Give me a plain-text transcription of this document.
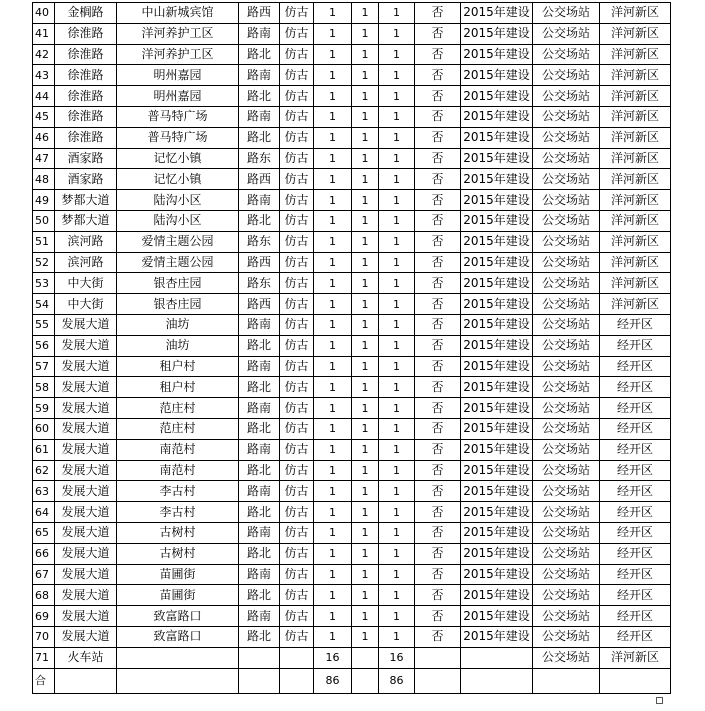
40	金榈路	中山新城宾馆	路西	仿古	1	1	1	否	2015年建设	公交场站	洋河新区
41	徐淮路	洋河养护工区	路南	仿古	1	1	1	否	2015年建设	公交场站	洋河新区
42	徐淮路	洋河养护工区	路北	仿古	1	1	1	否	2015年建设	公交场站	洋河新区
43	徐淮路	明州嘉园	路南	仿古	1	1	1	否	2015年建设	公交场站	洋河新区
44	徐淮路	明州嘉园	路北	仿古	1	1	1	否	2015年建设	公交场站	洋河新区
45	徐淮路	普马特广场	路南	仿古	1	1	1	否	2015年建设	公交场站	洋河新区
46	徐淮路	普马特广场	路北	仿古	1	1	1	否	2015年建设	公交场站	洋河新区
47	酒家路	记忆小镇	路东	仿古	1	1	1	否	2015年建设	公交场站	洋河新区
48	酒家路	记忆小镇	路西	仿古	1	1	1	否	2015年建设	公交场站	洋河新区
49	梦都大道	陆沟小区	路南	仿古	1	1	1	否	2015年建设	公交场站	洋河新区
50	梦都大道	陆沟小区	路北	仿古	1	1	1	否	2015年建设	公交场站	洋河新区
51	滨河路	爱情主题公园	路东	仿古	1	1	1	否	2015年建设	公交场站	洋河新区
52	滨河路	爱情主题公园	路西	仿古	1	1	1	否	2015年建设	公交场站	洋河新区
53	中大街	银杏庄园	路东	仿古	1	1	1	否	2015年建设	公交场站	洋河新区
54	中大街	银杏庄园	路西	仿古	1	1	1	否	2015年建设	公交场站	洋河新区
55	发展大道	油坊	路南	仿古	1	1	1	否	2015年建设	公交场站	经开区
56	发展大道	油坊	路北	仿古	1	1	1	否	2015年建设	公交场站	经开区
57	发展大道	租户村	路南	仿古	1	1	1	否	2015年建设	公交场站	经开区
58	发展大道	租户村	路北	仿古	1	1	1	否	2015年建设	公交场站	经开区
59	发展大道	范庄村	路南	仿古	1	1	1	否	2015年建设	公交场站	经开区
60	发展大道	范庄村	路北	仿古	1	1	1	否	2015年建设	公交场站	经开区
61	发展大道	南范村	路南	仿古	1	1	1	否	2015年建设	公交场站	经开区
62	发展大道	南范村	路北	仿古	1	1	1	否	2015年建设	公交场站	经开区
63	发展大道	李古村	路南	仿古	1	1	1	否	2015年建设	公交场站	经开区
64	发展大道	李古村	路北	仿古	1	1	1	否	2015年建设	公交场站	经开区
65	发展大道	古树村	路南	仿古	1	1	1	否	2015年建设	公交场站	经开区
66	发展大道	古树村	路北	仿古	1	1	1	否	2015年建设	公交场站	经开区
67	发展大道	苗圃街	路南	仿古	1	1	1	否	2015年建设	公交场站	经开区
68	发展大道	苗圃街	路北	仿古	1	1	1	否	2015年建设	公交场站	经开区
69	发展大道	致富路口	路南	仿古	1	1	1	否	2015年建设	公交场站	经开区
70	发展大道	致富路口	路北	仿古	1	1	1	否	2015年建设	公交场站	经开区
71	火车站				16		16			公交场站	洋河新区
合					86		86				
